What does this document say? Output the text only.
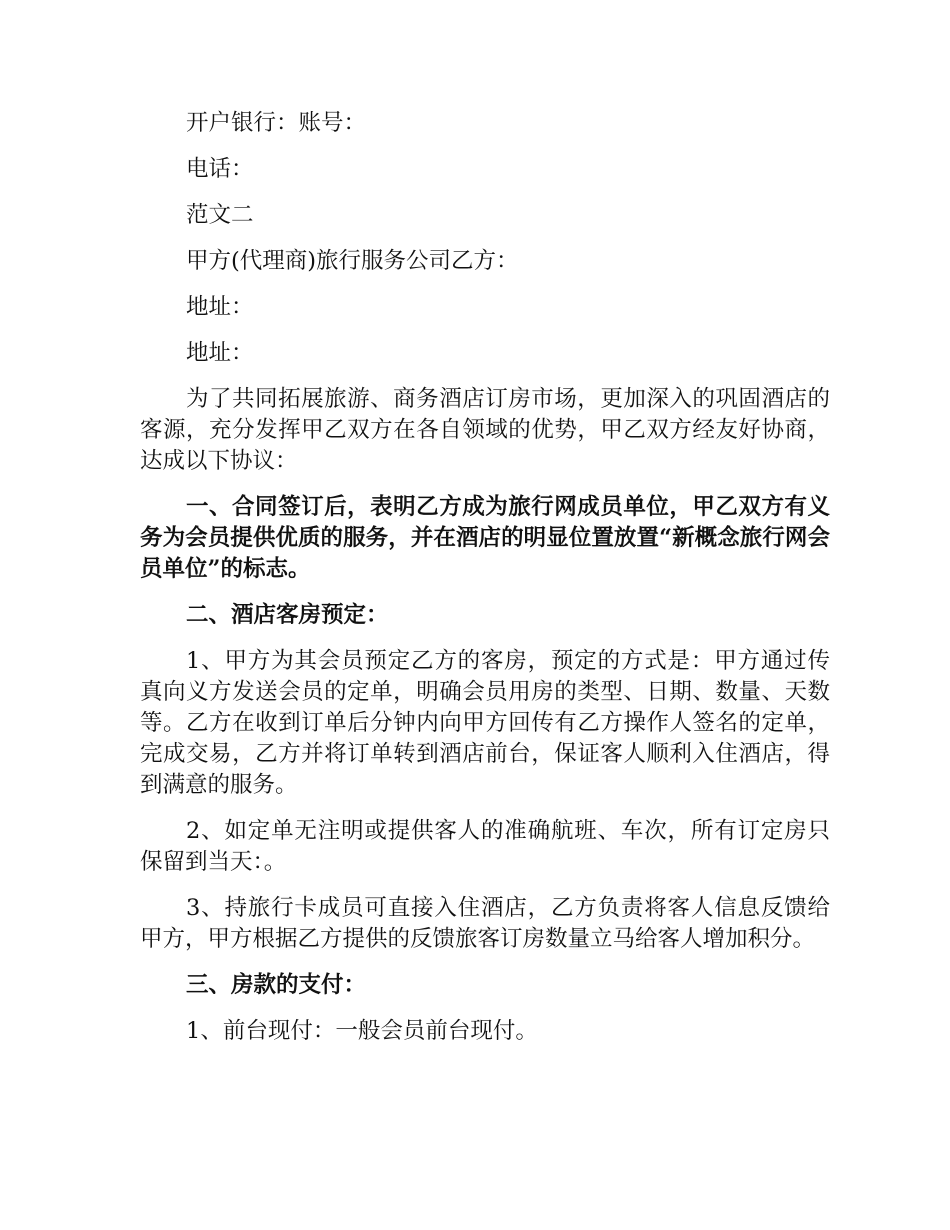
开户银行：账号：

电话：

范文二

甲方(代理商)旅行服务公司乙方：

地址：

地址：

为了共同拓展旅游、商务酒店订房市场，更加深入的巩固酒店的客源，充分发挥甲乙双方在各自领域的优势，甲乙双方经友好协商，达成以下协议：

一、合同签订后，表明乙方成为旅行网成员单位，甲乙双方有义务为会员提供优质的服务，并在酒店的明显位置放置“新概念旅行网会员单位”的标志。

二、酒店客房预定：

1、甲方为其会员预定乙方的客房，预定的方式是：甲方通过传真向义方发送会员的定单，明确会员用房的类型、日期、数量、天数等。乙方在收到订单后分钟内向甲方回传有乙方操作人签名的定单，完成交易，乙方并将订单转到酒店前台，保证客人顺利入住酒店，得到满意的服务。

2、如定单无注明或提供客人的准确航班、车次，所有订定房只保留到当天：。

3、持旅行卡成员可直接入住酒店，乙方负责将客人信息反馈给甲方，甲方根据乙方提供的反馈旅客订房数量立马给客人增加积分。

三、房款的支付：

1、前台现付：一般会员前台现付。
